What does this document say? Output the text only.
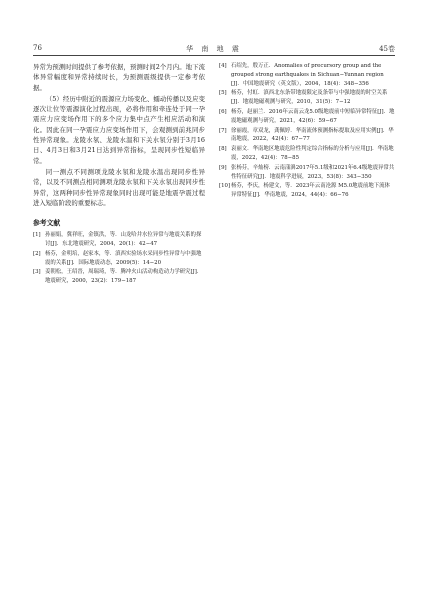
76	华 南 地 震	45卷

异常为预测时间提供了参考依据，预测时间2个月内。地下流体异常幅度和异常持续时长，为预测震级提供一定参考依据。

（5）经历中附近的震源应力场变化、蠕动传播以及应变逐次让位等震源演化过程出现，必将作用和牵连处于同一孕震应力应变场作用下的多个应力集中点产生相应活动和演化。因此在同一孕震应力应变场作用下，会观测到前兆同步性异常现象。龙陵水氡、龙陵水温和下关水氡分别于3月16日、4月3日和3月21日达到异常指标，呈现同步性短临异常。

同一测点不同测项龙陵水氡和龙陵水温出现同步性异常，以及不同测点相同测项龙陵水氡和下关水氡出现同步性异常，这两种同步性异常现象同时出现可能是地震孕震过程进入短临阶段的重要标志。

参考文献
[1] 孙丽娟，冀祥旺，金镇洪，等．山龙哈井水位异常与地震关系的探讨[J]．东北地震研究，2004，20(1)：42−47
[2] 杨芬，金明培，赵家本，等．滇西实验场水采同步性异常与中强地震的关系[J]．国际地震动态，2009(5)：14−20
[3] 姜朝松，王绍晋，周瑞琦，等．腾冲火山活动构造动力学研究[J]．地震研究，2000，23(2)：179−187
[4] 石绍先，殷万正．Anomalies of precursory group and the grouped strong earthquakes in Sichuan−Yunnan region [J]．中国地震研究（英文版），2004，18(4)：348−356
[5] 杨芬，付虹．滇西北东条带地震限定及条带与中强地震的时空关系[J]．地震地磁观测与研究，2010，31(5)：7−12
[6] 杨芬，赵丽兰．2016年云南云龙5.0级地震前中短临异常特征[J]．地震地磁观测与研究，2021，42(6)：59−67
[7] 徐丽霞，章双龙，龚佩婷．华南流体预测指标提取及应用实例[J]．华南地震，2022，42(4)：67−77
[8] 袁丽文．华南地区地震危险性判定综合指标的分析与应用[J]．华南地震，2022，42(4)：78−85
[9] 张杨芬，辛灿榜．云南漾濞2017年5.1级和2021年6.4级地震异常共性特征研究[J]．地震科学进展，2023，53(8)：343−350
[10] 杨芬，李庆，杨建文，等．2023年云南沧源 M5.0地震前地下流体异常特征[J]．华南地震，2024，44(4)：66−76
